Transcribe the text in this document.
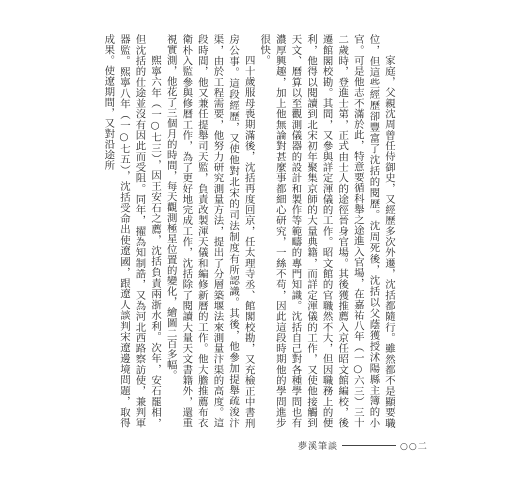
家庭，父親沈周曾任侍御史，又經歷多次外遷，沈括都隨行。雖然都不是顯要職位，但這些經歷卻豐富了沈括的閱歷。沈周死後，沈括以父蔭獲授沭陽縣主簿的小官。可是他志不滿於此，特意要循科舉之途進入官場，在嘉祐八年（一○六三）三十二歲時，登進士第，正式由士人的途徑晉身官場。其後獲推薦入京任昭文館編校，後遷館閣校勘。其間，又參與詳定渾儀的工作。昭文館的官職然不大，但因職務上的便利，他得以閱讀到北宋初年聚集京師的大量典籍，而詳定渾儀的工作，又使他接觸到天文、曆算以至觀測儀器的設計和製作等範疇的專門知識。沈括自己對各種學問也有濃厚興趣，加上他無論對甚麼事都細心研究，一絲不苟，因此這段時期他的學問進步很快。

四十歲服母喪期滿後，沈括再度回京，任太理寺丞、館閣校勘，又充檢正中書刑房公事。這段經歷，又使他對北宋的司法制度有所認識。其後，他參加提舉疏浚汴渠，由於工程需要，他努力研究測量方法，提出了分層築堰法來測量汴渠的高度。這段時間，他又兼任提舉司天監，負責改製渾天儀和編修新曆的工作。他大膽推薦布衣衛朴入監參與修曆工作，為了更好地完成工作，沈括除了閱讀大量天文書籍外，還重視實測，他花了三個月的時間，每天觀測極星位置的變化，繪圖二百多幅。

熙寧六年（一○七三），因王安石之薦，沈括負責兩浙水利。次年，安石罷相，但沈括的仕途並沒有因此而受阻。同年，擢為知制誥，又為河北西路察訪使，兼判軍器監。熙寧八年（一○七五），沈括受命出使遼國，跟遼人談判宋遼邊境問題，取得成果。使遼期間，又對沿途所

夢溪筆談	○○二
